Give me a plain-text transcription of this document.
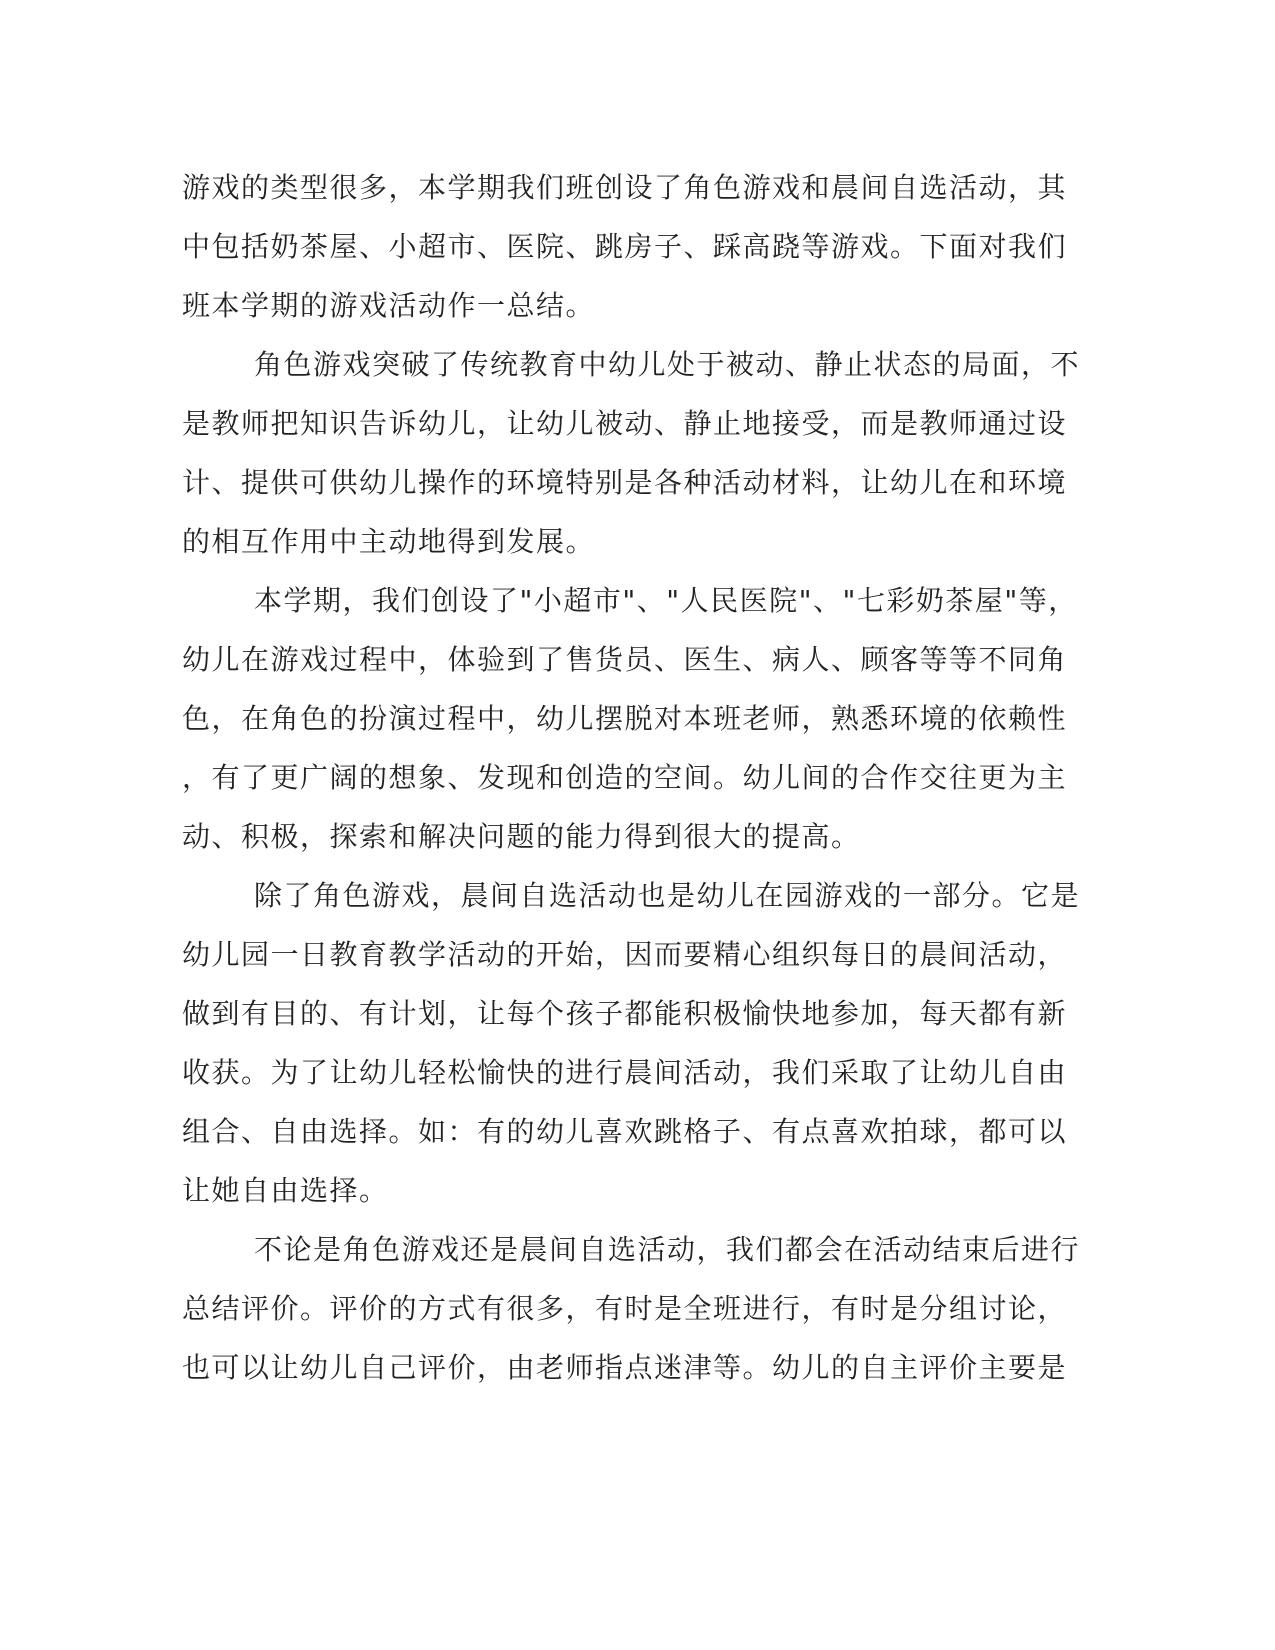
游戏的类型很多，本学期我们班创设了角色游戏和晨间自选活动，其
中包括奶茶屋、小超市、医院、跳房子、踩高跷等游戏。下面对我们
班本学期的游戏活动作一总结。
角色游戏突破了传统教育中幼儿处于被动、静止状态的局面，不
是教师把知识告诉幼儿，让幼儿被动、静止地接受，而是教师通过设
计、提供可供幼儿操作的环境特别是各种活动材料，让幼儿在和环境
的相互作用中主动地得到发展。
本学期，我们创设了"小超市"、"人民医院"、"七彩奶茶屋"等，
幼儿在游戏过程中，体验到了售货员、医生、病人、顾客等等不同角
色，在角色的扮演过程中，幼儿摆脱对本班老师，熟悉环境的依赖性
，有了更广阔的想象、发现和创造的空间。幼儿间的合作交往更为主
动、积极，探索和解决问题的能力得到很大的提高。
除了角色游戏，晨间自选活动也是幼儿在园游戏的一部分。它是
幼儿园一日教育教学活动的开始，因而要精心组织每日的晨间活动，
做到有目的、有计划，让每个孩子都能积极愉快地参加，每天都有新
收获。为了让幼儿轻松愉快的进行晨间活动，我们采取了让幼儿自由
组合、自由选择。如：有的幼儿喜欢跳格子、有点喜欢拍球，都可以
让她自由选择。
不论是角色游戏还是晨间自选活动，我们都会在活动结束后进行
总结评价。评价的方式有很多，有时是全班进行，有时是分组讨论，
也可以让幼儿自己评价，由老师指点迷津等。幼儿的自主评价主要是
